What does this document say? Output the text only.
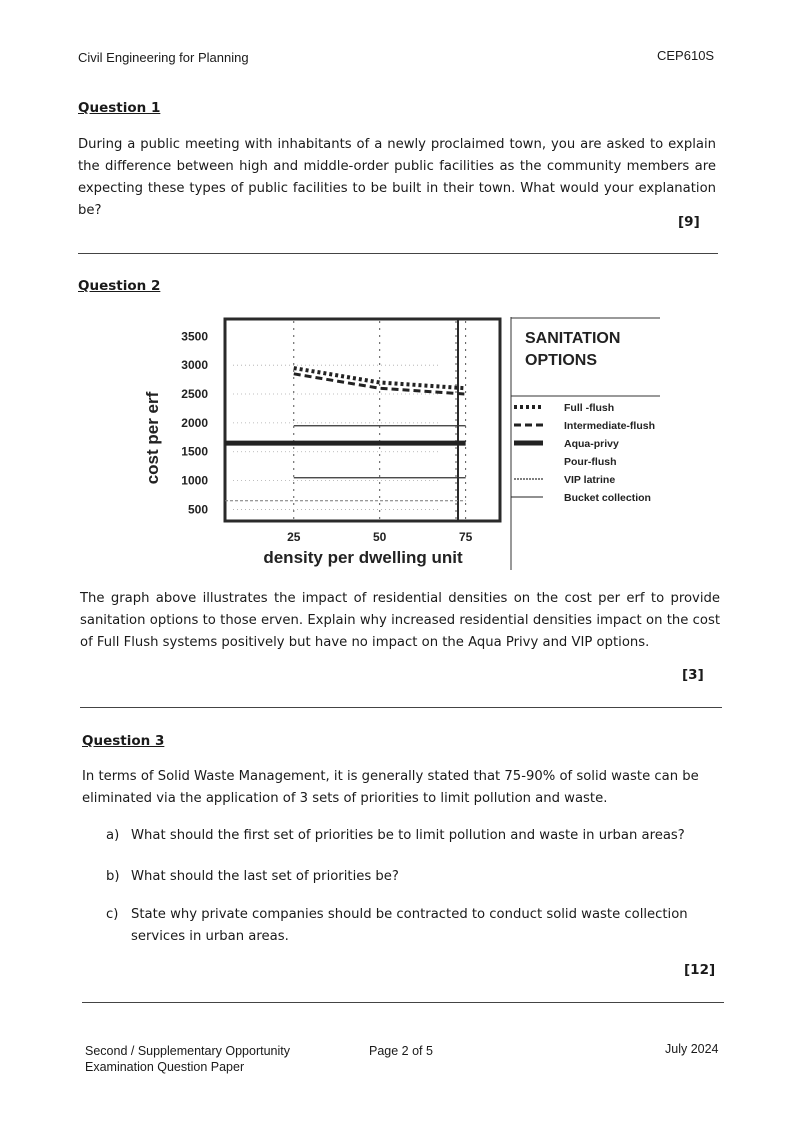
Civil Engineering for Planning	CEP610S
Question 1
During a public meeting with inhabitants of a newly proclaimed town, you are asked to explain the difference between high and middle-order public facilities as the community members are expecting these types of public facilities to be built in their town. What would your explanation be?
[9]
Question 2
25	50	75
3500
3000
2500
2000
1500
1000
500
density per dwelling unit
cost per erf
SANITATION
OPTIONS
Full -flush
Intermediate-flush
Aqua-privy
Pour-flush
VIP latrine
Bucket collection
The graph above illustrates the impact of residential densities on the cost per erf to provide sanitation options to those erven. Explain why increased residential densities impact on the cost of Full Flush systems positively but have no impact on the Aqua Privy and VIP options.
[3]
Question 3
In terms of Solid Waste Management, it is generally stated that 75-90% of solid waste can be eliminated via the application of 3 sets of priorities to limit pollution and waste.
a) What should the first set of priorities be to limit pollution and waste in urban areas?
b) What should the last set of priorities be?
c) State why private companies should be contracted to conduct solid waste collection services in urban areas.
[12]
Second / Supplementary Opportunity
Examination Question Paper
Page 2 of 5	July 2024
